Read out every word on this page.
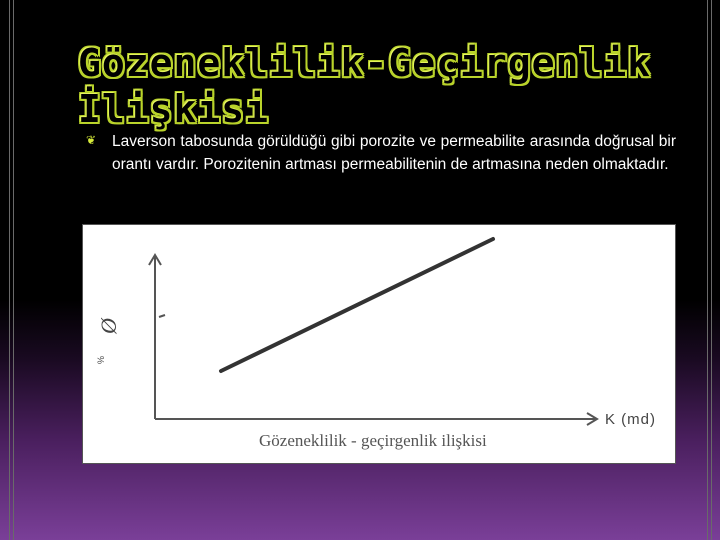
Gözeneklilik-Geçirgenlik İlişkisi
❦ Laverson tabosunda görüldüğü gibi porozite ve permeabilite arasında doğrusal bir orantı vardır. Porozitenin artması permeabilitenin de artmasına neden olmaktadır.

Ø
%
K (md)
Gözeneklilik - geçirgenlik ilişkisi
